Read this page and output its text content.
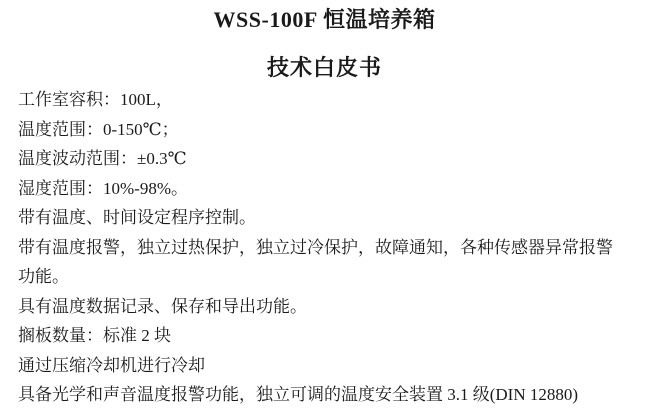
WSS-100F 恒温培养箱
技术白皮书
工作室容积：100L，
温度范围：0-150℃；
温度波动范围：±0.3℃
湿度范围：10%-98%。
带有温度、时间设定程序控制。
带有温度报警，独立过热保护，独立过冷保护，故障通知，各种传感器异常报警
功能。
具有温度数据记录、保存和导出功能。
搁板数量：标准 2 块
通过压缩冷却机进行冷却
具备光学和声音温度报警功能，独立可调的温度安全装置 3.1 级(DIN 12880)
